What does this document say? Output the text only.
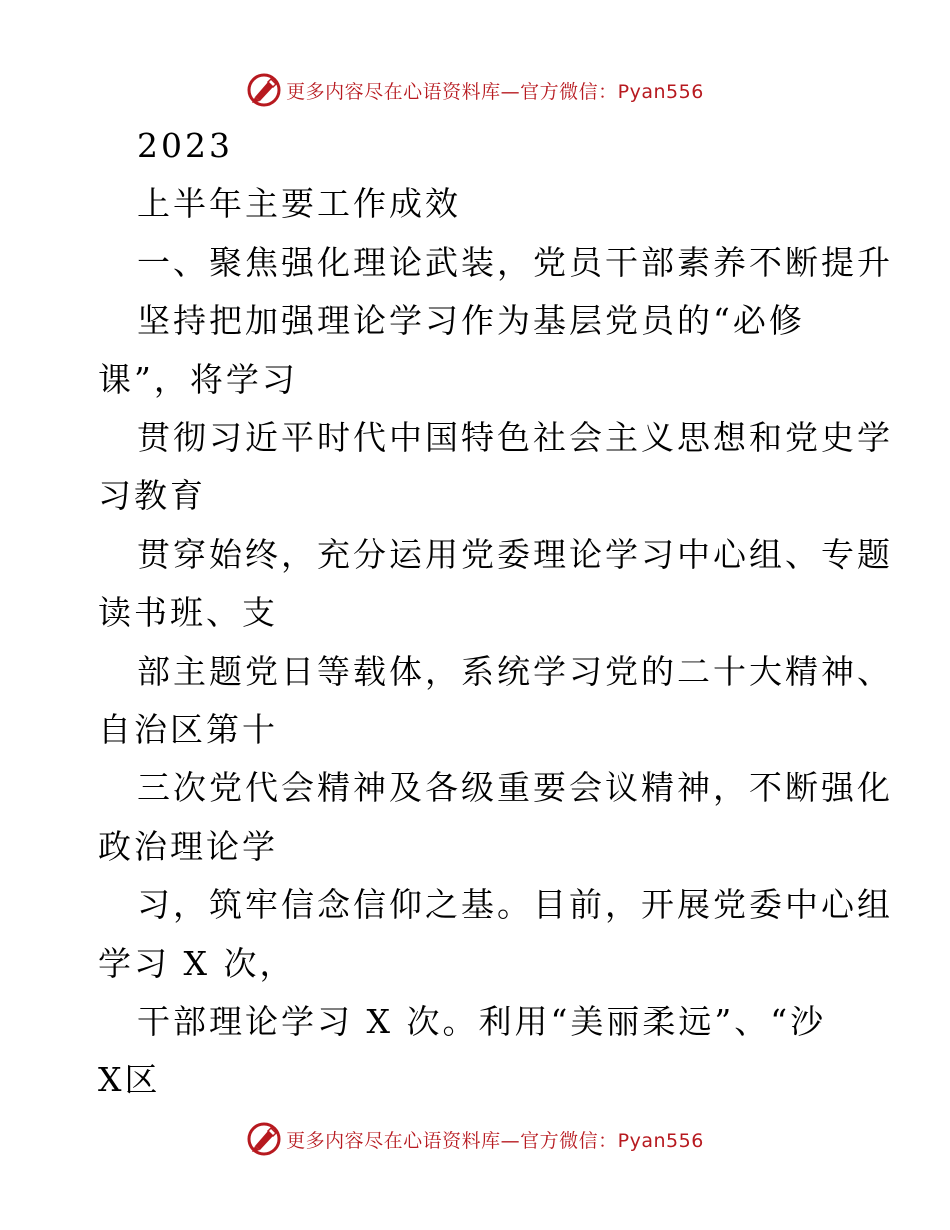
更多内容尽在心语资料库—官方微信：Pyan556
2023
上半年主要工作成效
一、聚焦强化理论武装，党员干部素养不断提升
坚持把加强理论学习作为基层党员的“必修
课”，将学习
贯彻习近平时代中国特色社会主义思想和党史学
习教育
贯穿始终，充分运用党委理论学习中心组、专题
读书班、支
部主题党日等载体，系统学习党的二十大精神、
自治区第十
三次党代会精神及各级重要会议精神，不断强化
政治理论学
习，筑牢信念信仰之基。目前，开展党委中心组
学习 X 次，
干部理论学习 X 次。利用“美丽柔远”、“沙
X区
更多内容尽在心语资料库—官方微信：Pyan556
